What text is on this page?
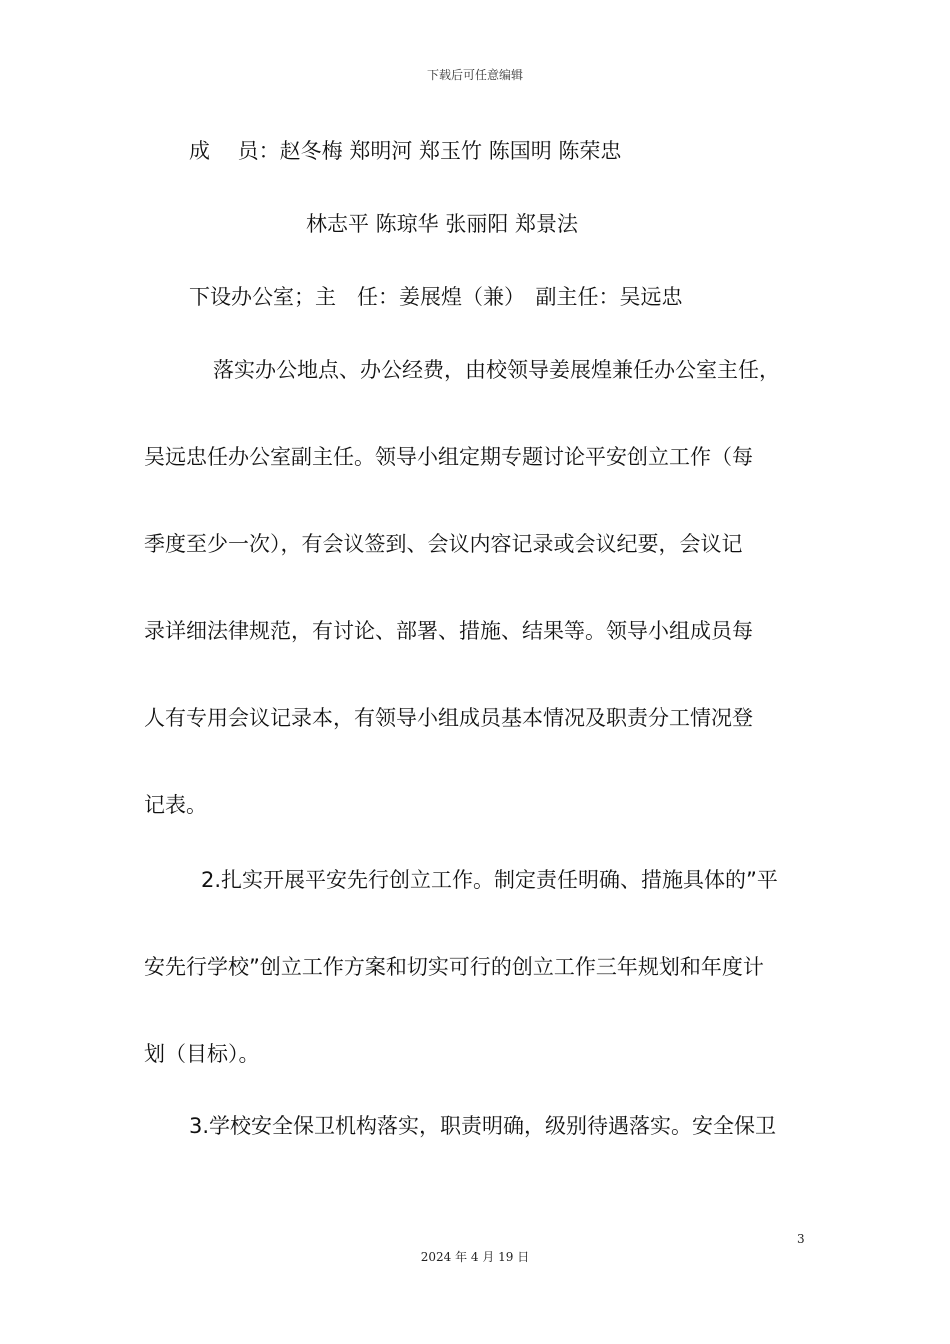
下载后可任意编辑
成　 员：赵冬梅 郑明河 郑玉竹 陈国明 陈荣忠
林志平 陈琼华 张丽阳 郑景法
下设办公室；主　任：姜展煌（兼）　副主任：吴远忠
落实办公地点、办公经费，由校领导姜展煌兼任办公室主任，
吴远忠任办公室副主任。领导小组定期专题讨论平安创立工作（每
季度至少一次），有会议签到、会议内容记录或会议纪要，会议记
录详细法律规范，有讨论、部署、措施、结果等。领导小组成员每
人有专用会议记录本，有领导小组成员基本情况及职责分工情况登
记表。
2.扎实开展平安先行创立工作。制定责任明确、措施具体的”平
安先行学校”创立工作方案和切实可行的创立工作三年规划和年度计
划（目标）。
3.学校安全保卫机构落实，职责明确，级别待遇落实。安全保卫
3
2024 年 4 月 19 日
